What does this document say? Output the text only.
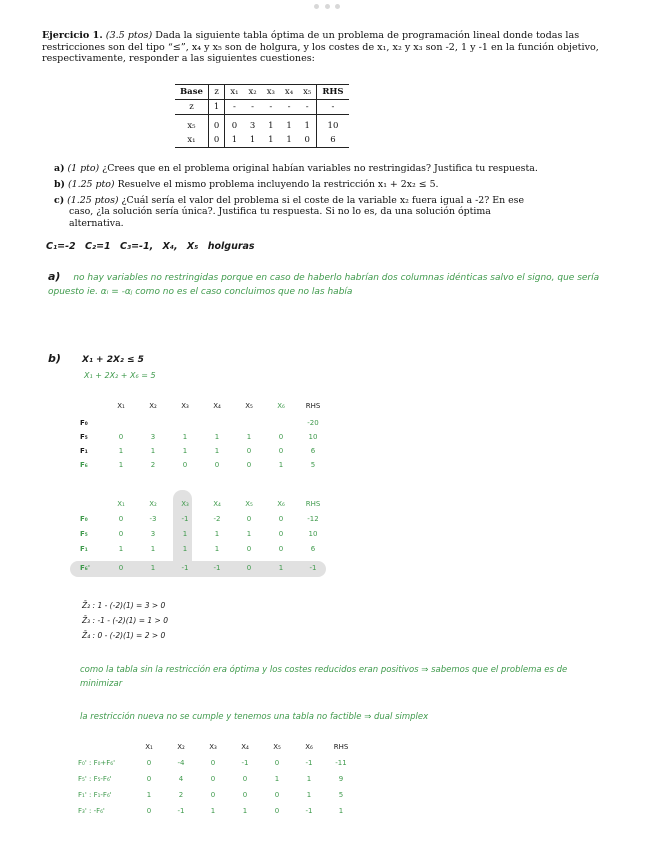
Ejercicio 1. (3.5 ptos) Dada la siguiente tabla óptima de un problema de programación lineal donde todas las restricciones son del tipo “≤”, x₄ y x₅ son de holgura, y los costes de x₁, x₂ y x₃ son -2, 1 y -1 en la función objetivo, respectivamente, responder a las siguientes cuestiones:
Base	z	x₁	x₂	x₃	x₄	x₅	RHS
z	1	-	-	-	-	-	-

x₅	0	0	3	1	1	1	10
x₁	0	1	1	1	1	0	6
a) (1 pto) ¿Crees que en el problema original habían variables no restringidas? Justifica tu respuesta.
b) (1.25 pto) Resuelve el mismo problema incluyendo la restricción x₁ + 2x₂ ≤ 5.
c) (1.25 ptos) ¿Cuál sería el valor del problema si el coste de la variable x₂ fuera igual a -2? En ese caso, ¿la solución sería única?. Justifica tu respuesta. Si no lo es, da una solución óptima alternativa.
C₁=-2 C₂=1 C₃=-1, X₄, X₅ holguras
a) no hay variables no restringidas porque en caso de haberlo habrían dos columnas idénticas salvo el signo, que sería opuesto ie. αᵢ = -αⱼ como no es el caso concluimos que no las había
b) X₁ + 2X₂ ≤ 5
X₁ + 2X₂ + X₆ = 5
X₁	X₂	X₃	X₄	X₅	X₆	RHS
F₀	-20
F₅	0	3	1	1	1	0	10
F₁	1	1	1	1	0	0	6
F₆	1	2	0	0	0	1	5
X₁	X₂	X₃	X₄	X₅	X₆	RHS
F₀	0	-3	-1	-2	0	0	-12
F₅	0	3	1	1	1	0	10
F₁	1	1	1	1	0	0	6
F₆'	0	1	-1	-1	0	1	-1
Z̄₂ : 1 - (-2)(1) = 3 > 0
Z̄₃ : -1 - (-2)(1) = 1 > 0
Z̄₄ : 0 - (-2)(1) = 2 > 0
como la tabla sin la restricción era óptima y los costes reducidos eran positivos ⇒ sabemos que el problema es de minimizar
la restricción nueva no se cumple y tenemos una tabla no factible ⇒ dual simplex
X₁	X₂	X₃	X₄	X₅	X₆	RHS
F₀' : F₀+F₆'	0	-4	0	-1	0	-1	-11
F₅' : F₅-F₆'	0	4	0	0	1	1	9
F₁' : F₁-F₆'	1	2	0	0	0	1	5
F₃' : -F₆'	0	-1	1	1	0	-1	1
